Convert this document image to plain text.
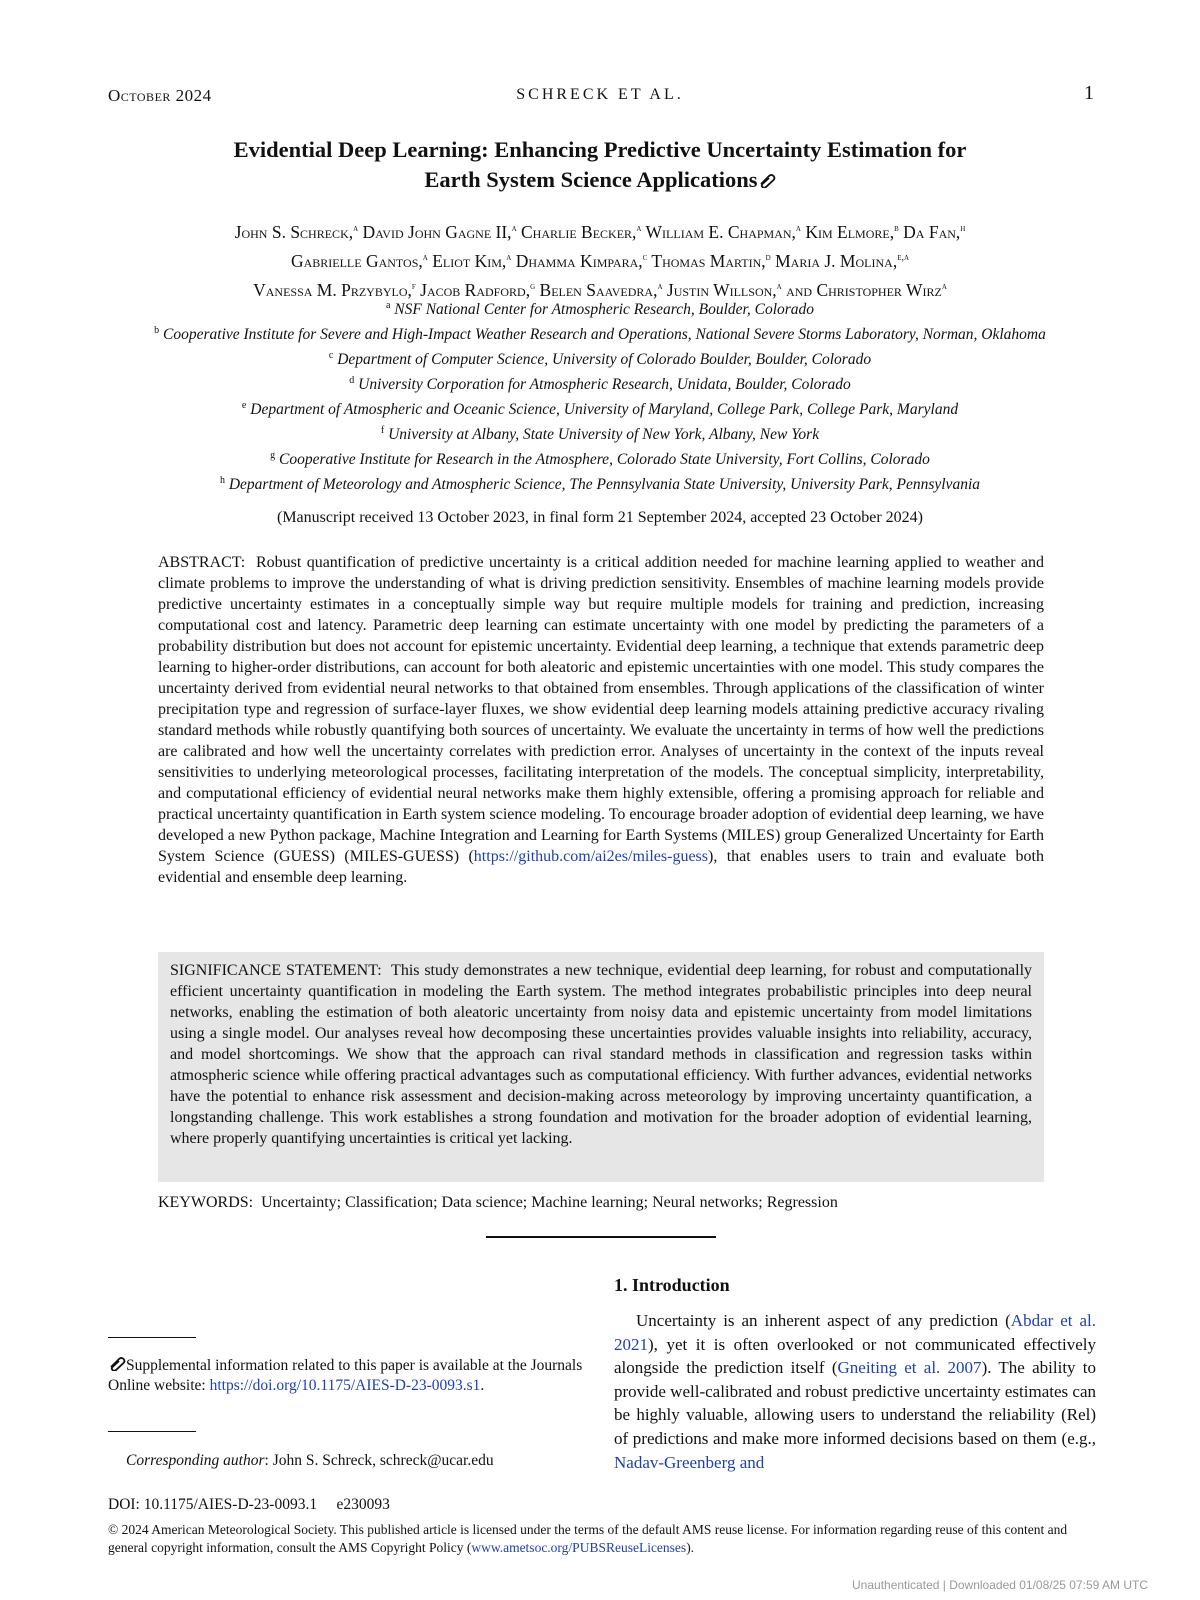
October 2024	SCHRECK ET AL.	1
Evidential Deep Learning: Enhancing Predictive Uncertainty Estimation for
Earth System Science Applications
John S. Schreck,$^a$ David John Gagne II,$^a$ Charlie Becker,$^a$ William E. Chapman,$^a$ Kim Elmore,$^b$ Da Fan,$^h$
Gabrielle Gantos,$^a$ Eliot Kim,$^a$ Dhamma Kimpara,$^c$ Thomas Martin,$^d$ Maria J. Molina,$^{e,a}$
Vanessa M. Przybylo,$^f$ Jacob Radford,$^g$ Belen Saavedra,$^a$ Justin Willson,$^a$ and Christopher Wirz$^a$
$^a$ NSF National Center for Atmospheric Research, Boulder, Colorado
$^b$ Cooperative Institute for Severe and High-Impact Weather Research and Operations, National Severe Storms Laboratory, Norman, Oklahoma
$^c$ Department of Computer Science, University of Colorado Boulder, Boulder, Colorado
$^d$ University Corporation for Atmospheric Research, Unidata, Boulder, Colorado
$^e$ Department of Atmospheric and Oceanic Science, University of Maryland, College Park, College Park, Maryland
$^f$ University at Albany, State University of New York, Albany, New York
$^g$ Cooperative Institute for Research in the Atmosphere, Colorado State University, Fort Collins, Colorado
$^h$ Department of Meteorology and Atmospheric Science, The Pennsylvania State University, University Park, Pennsylvania
(Manuscript received 13 October 2023, in final form 21 September 2024, accepted 23 October 2024)
ABSTRACT: Robust quantification of predictive uncertainty is a critical addition needed for machine learning applied to weather and climate problems to improve the understanding of what is driving prediction sensitivity. Ensembles of machine learning models provide predictive uncertainty estimates in a conceptually simple way but require multiple models for training and prediction, increasing computational cost and latency. Parametric deep learning can estimate uncertainty with one model by predicting the parameters of a probability distribution but does not account for epistemic uncertainty. Evidential deep learning, a technique that extends parametric deep learning to higher-order distributions, can account for both aleatoric and epistemic uncertainties with one model. This study compares the uncertainty derived from evidential neural networks to that obtained from ensembles. Through applications of the classification of winter precipitation type and regression of surface-layer fluxes, we show evidential deep learning models attaining predictive accuracy rivaling standard methods while robustly quantifying both sources of uncertainty. We evaluate the uncertainty in terms of how well the predictions are calibrated and how well the uncertainty correlates with prediction error. Analyses of uncertainty in the context of the inputs reveal sensitivities to underlying meteorological processes, facilitating interpretation of the models. The conceptual simplicity, interpretability, and computational efficiency of evidential neural networks make them highly extensible, offering a promising approach for reliable and practical uncertainty quantification in Earth system science modeling. To encourage broader adoption of evidential deep learning, we have developed a new Python package, Machine Integration and Learning for Earth Systems (MILES) group Generalized Uncertainty for Earth System Science (GUESS) (MILES-GUESS) (https://github.com/ai2es/miles-guess), that enables users to train and evaluate both evidential and ensemble deep learning.
SIGNIFICANCE STATEMENT: This study demonstrates a new technique, evidential deep learning, for robust and computationally efficient uncertainty quantification in modeling the Earth system. The method integrates probabilistic principles into deep neural networks, enabling the estimation of both aleatoric uncertainty from noisy data and epistemic uncertainty from model limitations using a single model. Our analyses reveal how decomposing these uncertainties provides valuable insights into reliability, accuracy, and model shortcomings. We show that the approach can rival standard methods in classification and regression tasks within atmospheric science while offering practical advantages such as computational efficiency. With further advances, evidential networks have the potential to enhance risk assessment and decision-making across meteorology by improving uncertainty quantification, a longstanding challenge. This work establishes a strong foundation and motivation for the broader adoption of evidential learning, where properly quantifying uncertainties is critical yet lacking.
KEYWORDS: Uncertainty; Classification; Data science; Machine learning; Neural networks; Regression
1. Introduction
Uncertainty is an inherent aspect of any prediction (Abdar et al. 2021), yet it is often overlooked or not communicated effectively alongside the prediction itself (Gneiting et al. 2007). The ability to provide well-calibrated and robust predictive uncertainty estimates can be highly valuable, allowing users to understand the reliability (Rel) of predictions and make more informed decisions based on them (e.g., Nadav-Greenberg and
Supplemental information related to this paper is available at the Journals Online website: https://doi.org/10.1175/AIES-D-23-0093.s1.
Corresponding author: John S. Schreck, schreck@ucar.edu
DOI: 10.1175/AIES-D-23-0093.1     e230093
© 2024 American Meteorological Society. This published article is licensed under the terms of the default AMS reuse license. For information regarding reuse of this content and general copyright information, consult the AMS Copyright Policy (www.ametsoc.org/PUBSReuseLicenses).
Unauthenticated | Downloaded 01/08/25 07:59 AM UTC
